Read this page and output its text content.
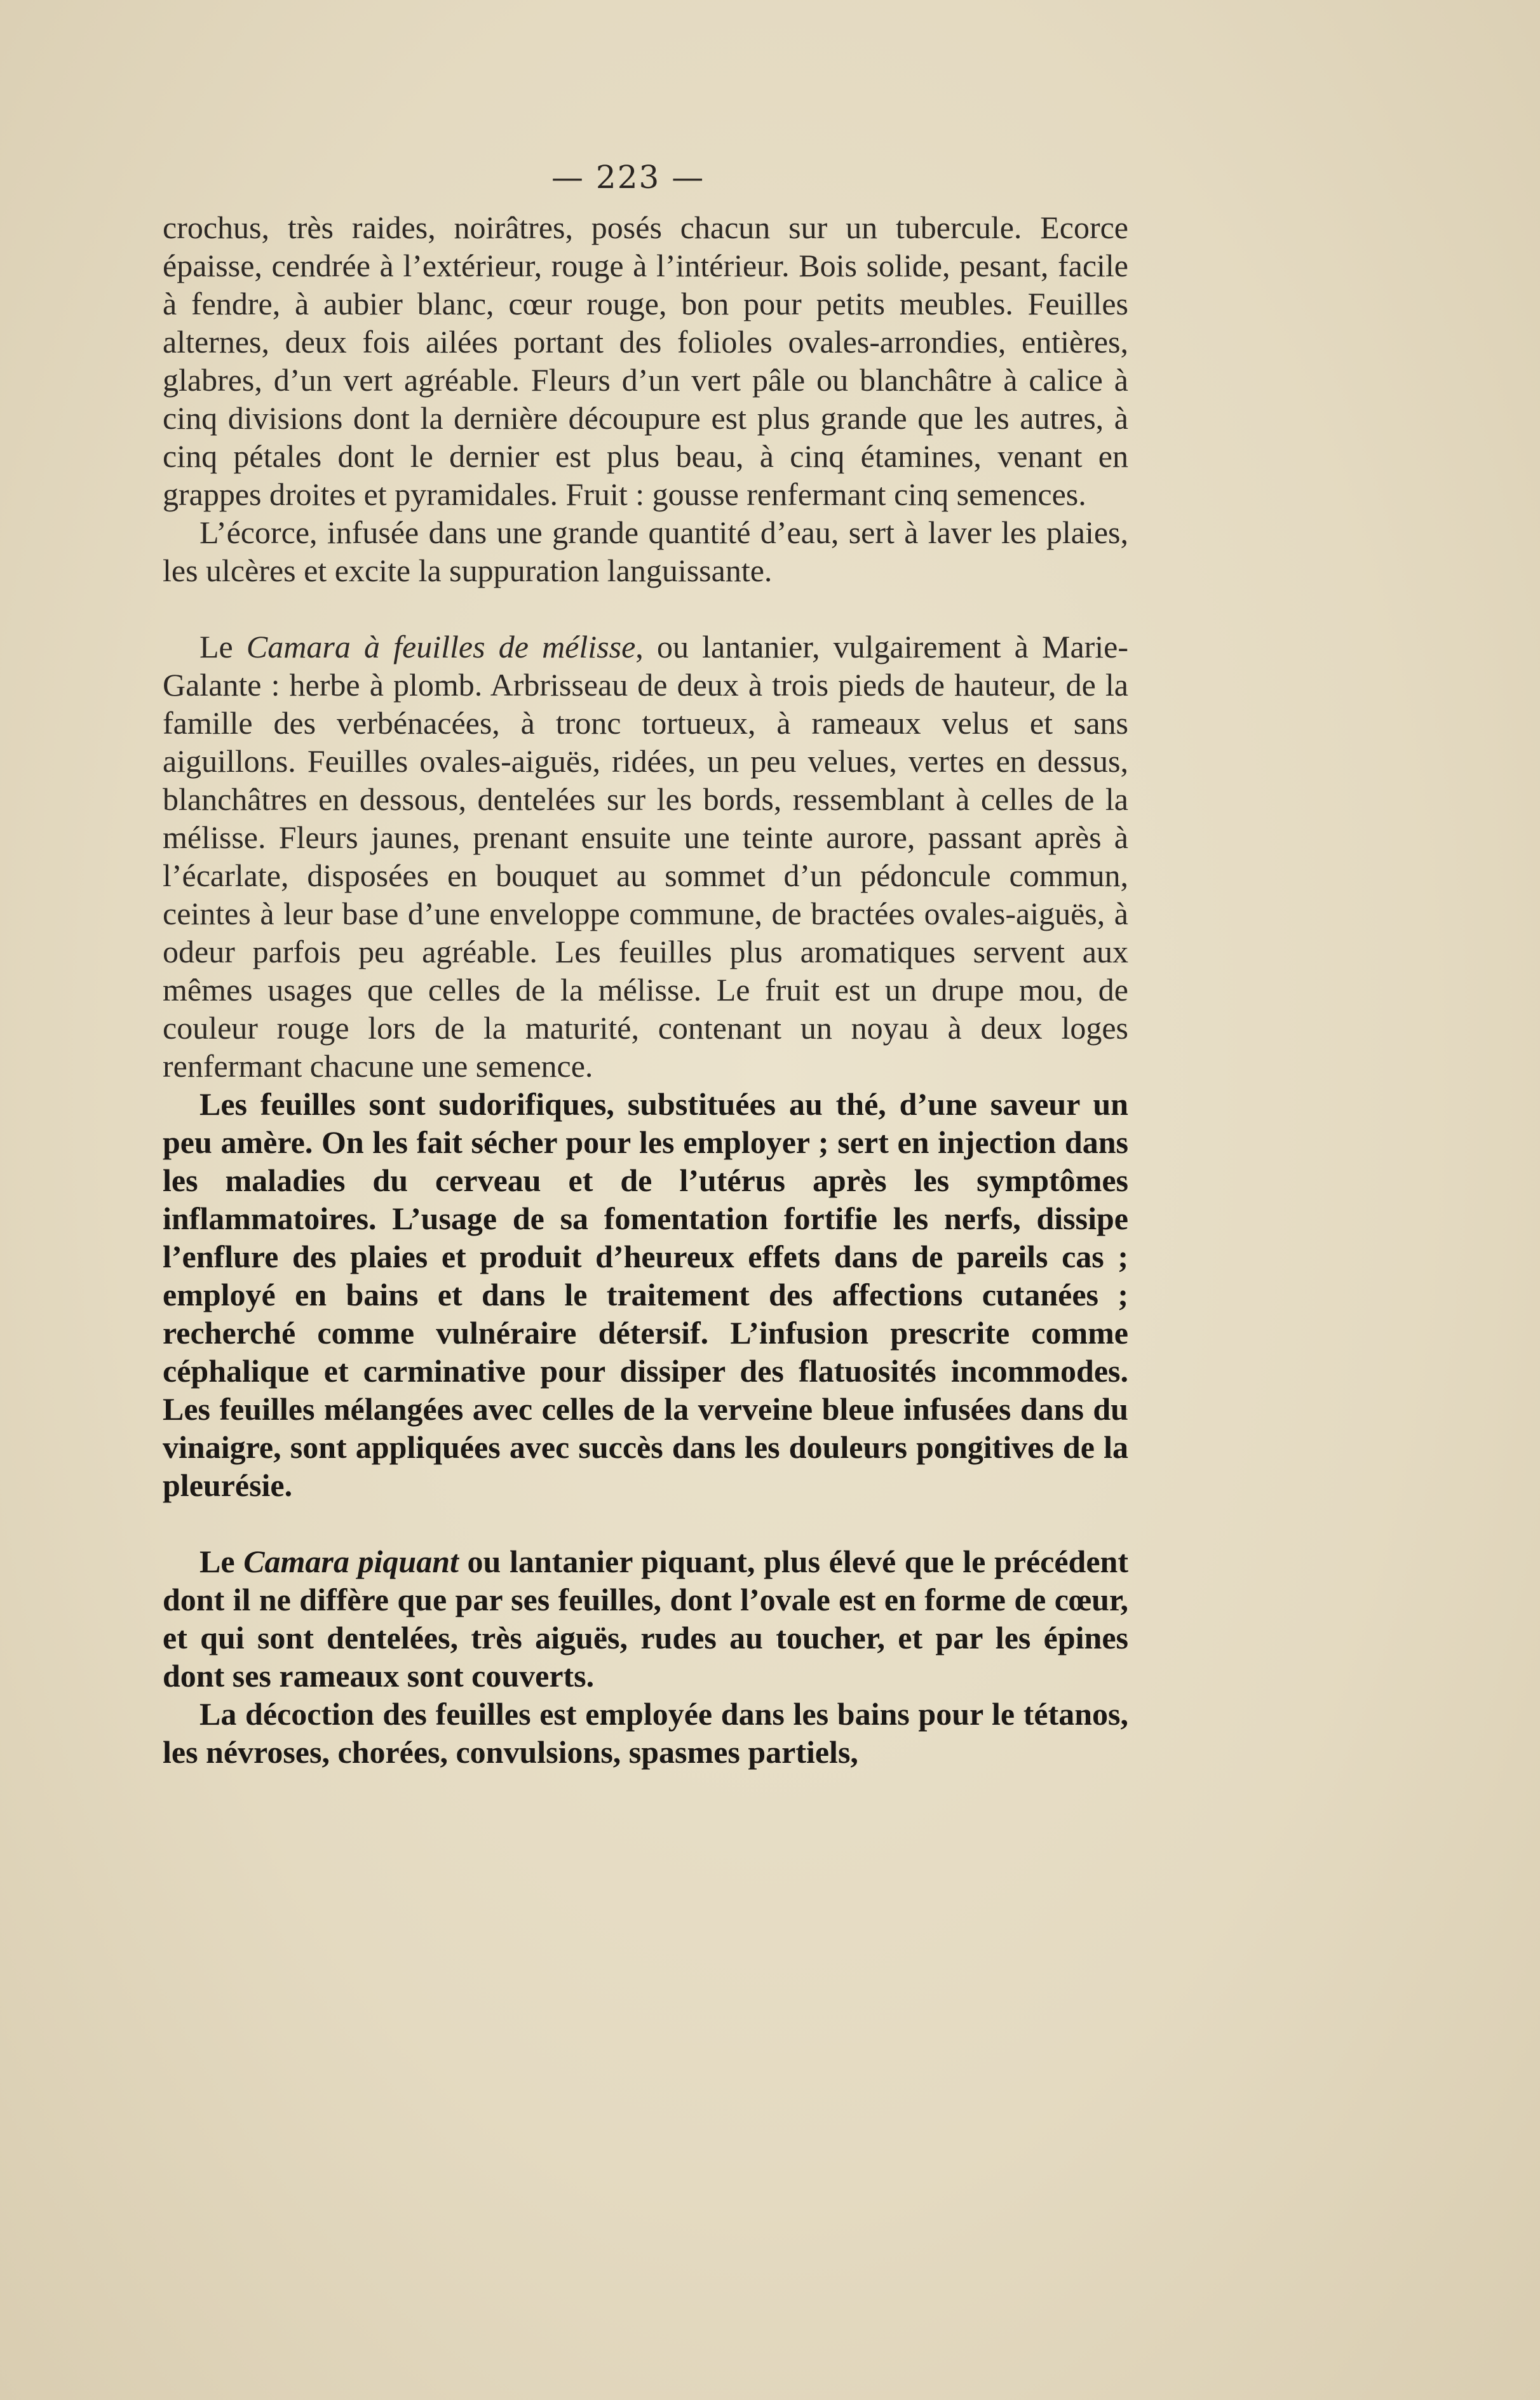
— 223 —

crochus, très raides, noirâtres, posés chacun sur un tubercule. Ecorce épaisse, cendrée à l’extérieur, rouge à l’intérieur. Bois solide, pesant, facile à fendre, à aubier blanc, cœur rouge, bon pour petits meubles. Feuilles alternes, deux fois ailées portant des folioles ovales-arrondies, entières, glabres, d’un vert agréable. Fleurs d’un vert pâle ou blanchâtre à calice à cinq divisions dont la dernière découpure est plus grande que les autres, à cinq pétales dont le dernier est plus beau, à cinq étamines, venant en grappes droites et pyramidales. Fruit : gousse renfermant cinq semences.

L’écorce, infusée dans une grande quantité d’eau, sert à laver les plaies, les ulcères et excite la suppuration languissante.

Le Camara à feuilles de mélisse, ou lantanier, vulgairement à Marie-Galante : herbe à plomb. Arbrisseau de deux à trois pieds de hauteur, de la famille des verbénacées, à tronc tortueux, à rameaux velus et sans aiguillons. Feuilles ovales-aiguës, ridées, un peu velues, vertes en dessus, blanchâtres en dessous, dentelées sur les bords, ressemblant à celles de la mélisse. Fleurs jaunes, prenant ensuite une teinte aurore, passant après à l’écarlate, disposées en bouquet au sommet d’un pédoncule commun, ceintes à leur base d’une enveloppe commune, de bractées ovales-aiguës, à odeur parfois peu agréable. Les feuilles plus aromatiques servent aux mêmes usages que celles de la mélisse. Le fruit est un drupe mou, de couleur rouge lors de la maturité, contenant un noyau à deux loges renfermant chacune une semence.

Les feuilles sont sudorifiques, substituées au thé, d’une saveur un peu amère. On les fait sécher pour les employer ; sert en injection dans les maladies du cerveau et de l’utérus après les symptômes inflammatoires. L’usage de sa fomentation fortifie les nerfs, dissipe l’enflure des plaies et produit d’heureux effets dans de pareils cas ; employé en bains et dans le traitement des affections cutanées ; recherché comme vulnéraire détersif. L’infusion prescrite comme céphalique et carminative pour dissiper des flatuosités incommodes. Les feuilles mélangées avec celles de la verveine bleue infusées dans du vinaigre, sont appliquées avec succès dans les douleurs pongitives de la pleurésie.

Le Camara piquant ou lantanier piquant, plus élevé que le précédent dont il ne diffère que par ses feuilles, dont l’ovale est en forme de cœur, et qui sont dentelées, très aiguës, rudes au toucher, et par les épines dont ses rameaux sont couverts.

La décoction des feuilles est employée dans les bains pour le tétanos, les névroses, chorées, convulsions, spasmes partiels,
